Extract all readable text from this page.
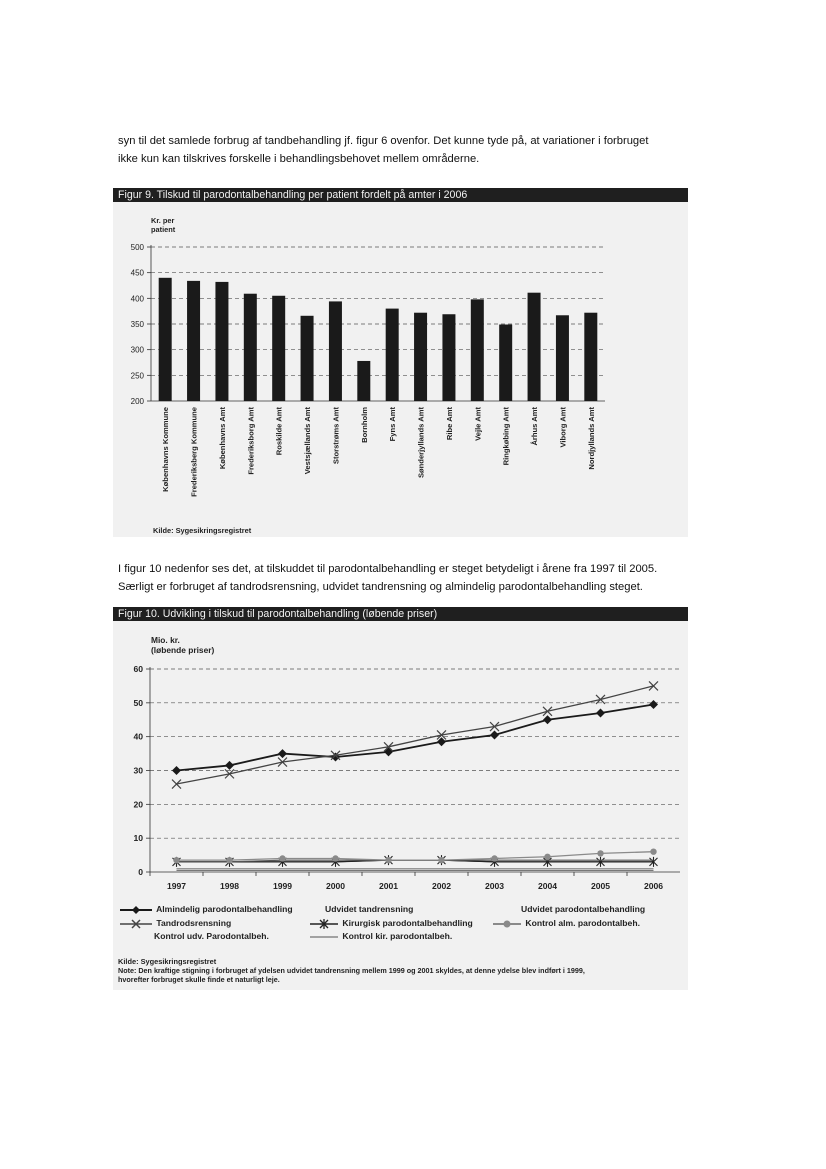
syn til det samlede forbrug af tandbehandling jf. figur 6 ovenfor. Det kunne tyde på, at variationer i forbruget

ikke kun kan tilskrives forskelle i behandlingsbehovet mellem områderne.

Figur 9. Tilskud til parodontalbehandling per patient fordelt på amter i 2006
Kr. per
patient
200
250
300
350
400
450
500
Københavns Kommune	Frederiksberg Kommune	Københavns Amt	Frederiksborg Amt	Roskilde Amt	Vestsjællands Amt	Storstrøms Amt	Bornholm	Fyns Amt	Sønderjyllands Amt	Ribe Amt	Vejle Amt	Ringkøbing Amt	Århus Amt	Viborg Amt	Nordjyllands Amt
Kilde: Sygesikringsregistret

I figur 10 nedenfor ses det, at tilskuddet til parodontalbehandling er steget betydeligt i årene fra 1997 til 2005.

Særligt er forbruget af tandrodsrensning, udvidet tandrensning og almindelig parodontalbehandling steget.

Figur 10. Udvikling i tilskud til parodontalbehandling (løbende priser)
Mio. kr.
(løbende priser)
0
10
20
30
40
50
60
1997	1998	1999	2000	2001	2002	2003	2004	2005	2006
Almindelig parodontalbehandling	Udvidet tandrensning	Udvidet parodontalbehandling
Tandrodsrensning	Kirurgisk parodontalbehandling	Kontrol alm. parodontalbeh.
Kontrol udv. Parodontalbeh.	Kontrol kir. parodontalbeh.
Kilde: Sygesikringsregistret
Note: Den kraftige stigning i forbruget af ydelsen udvidet tandrensning mellem 1999 og 2001 skyldes, at denne ydelse blev indført i 1999,
hvorefter forbruget skulle finde et naturligt leje.
